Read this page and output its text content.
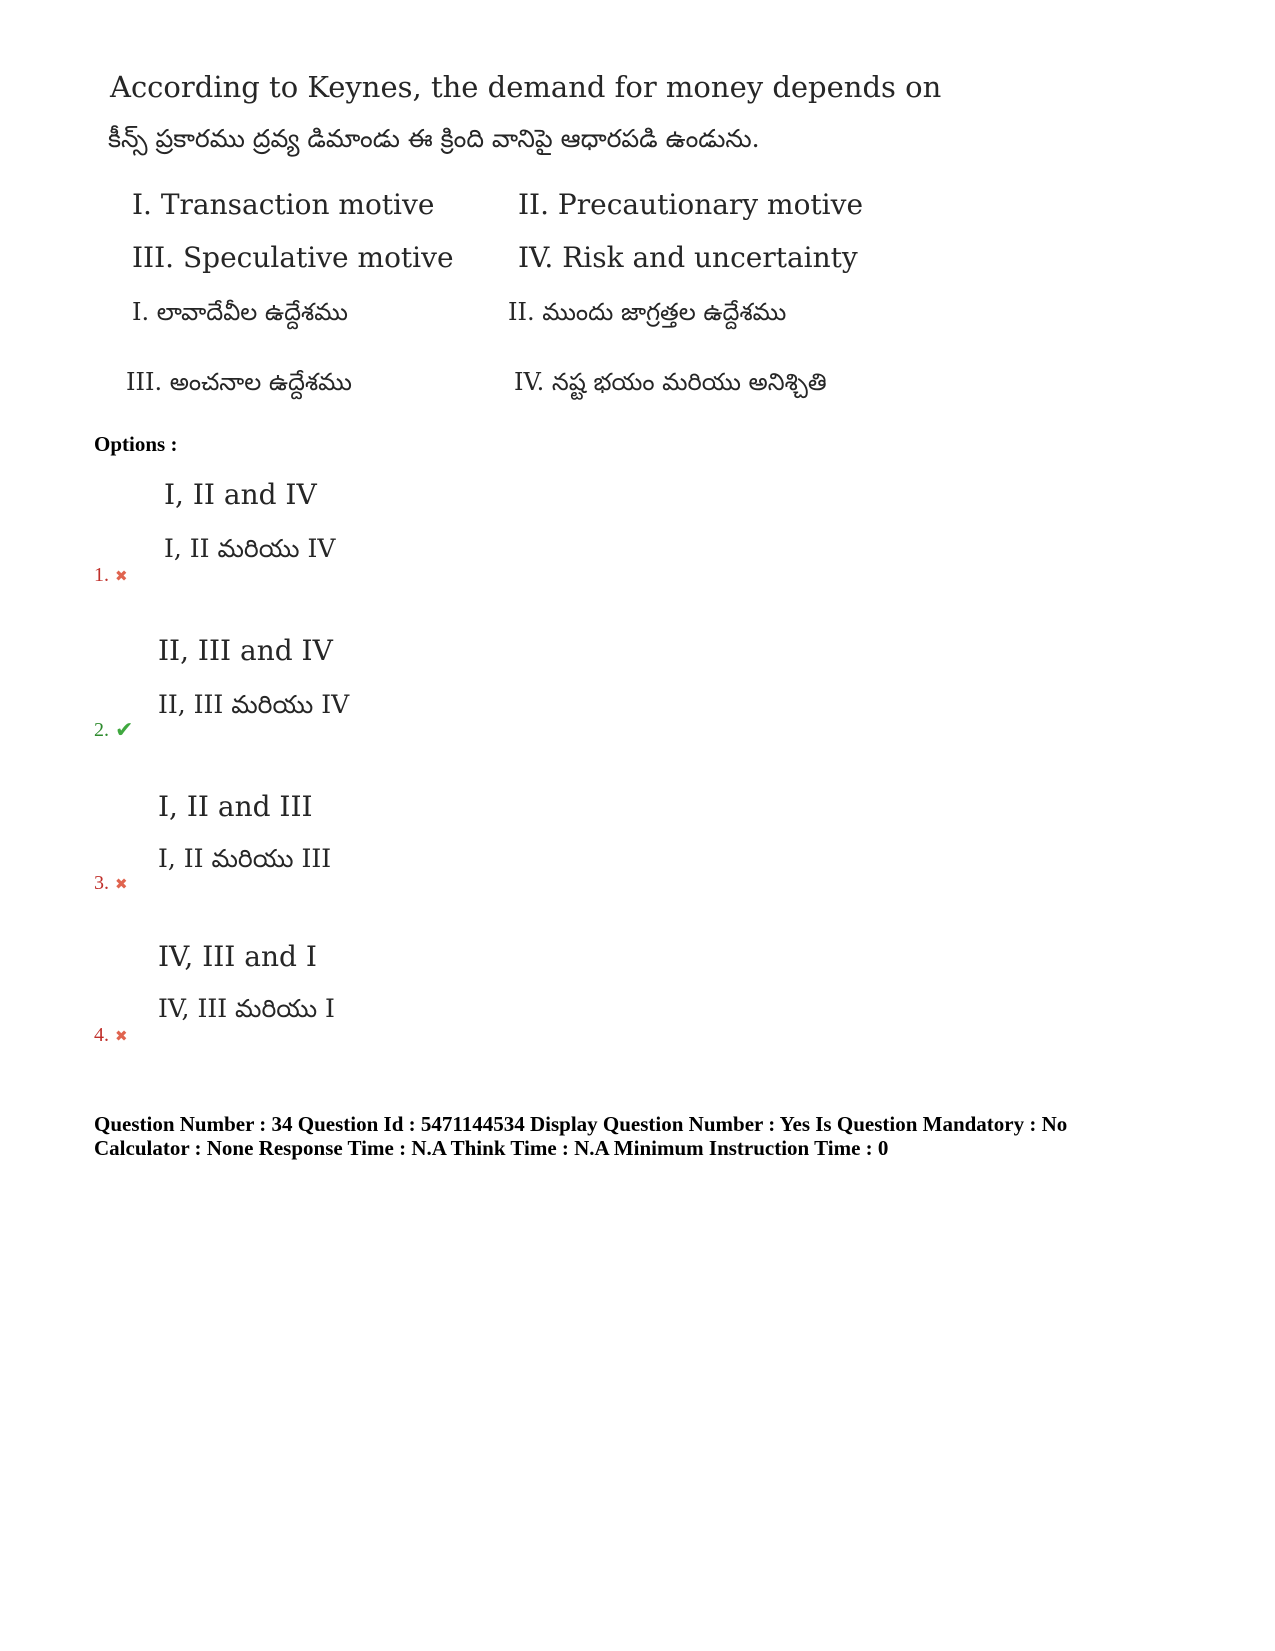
According to Keynes, the demand for money depends on
కీన్స్ ప్రకారము ద్రవ్య డిమాండు ఈ క్రింది వానిపై ఆధారపడి ఉండును.
I. Transaction motive	II. Precautionary motive
III. Speculative motive IV. Risk and uncertainty
I. లావాదేవీల ఉద్దేశము	II. ముందు జాగ్రత్తల ఉద్దేశము
III. అంచనాల ఉద్దేశము	IV. నష్ట భయం మరియు అనిశ్చితి
Options :
I, II and IV
I, II మరియు IV
1. ✖
II, III and IV
II, III మరియు IV
2. ✔
I, II and III
I, II మరియు III
3. ✖
IV, III and I
IV, III మరియు I
4. ✖
Question Number : 34 Question Id : 5471144534 Display Question Number : Yes Is Question Mandatory : No
Calculator : None Response Time : N.A Think Time : N.A Minimum Instruction Time : 0
